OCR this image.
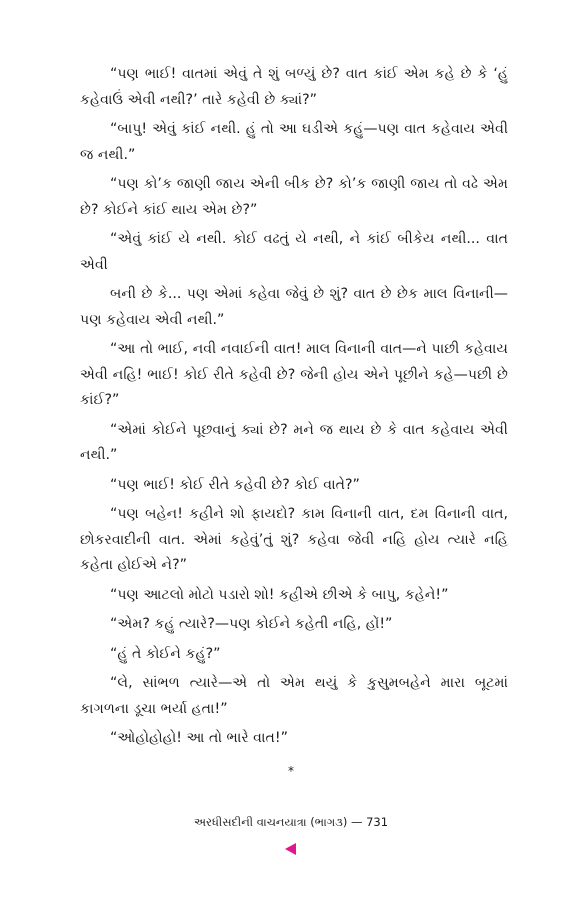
“પણ ભાઈ! વાતમાં એવું તે શું બળ્યું છે? વાત કાંઈ એમ કહે છે કે ‘હું કહેવાઉં એવી નથી?’ તારે કહેવી છે ક્યાં?”

“બાપુ! એવું કાંઈ નથી. હું તો આ ઘડીએ કહું—પણ વાત કહેવાય એવી જ નથી.”

“પણ કો’ક જાણી જાય એની બીક છે? કો’ક જાણી જાય તો વઢે એમ છે? કોઈને કાંઈ થાય એમ છે?”

“એવું કાંઈ યે નથી. કોઈ વઢતું યે નથી, ને કાંઈ બીકેય નથી... વાત એવી

બની છે કે... પણ એમાં કહેવા જેવું છે શું? વાત છે છેક માલ વિનાની—પણ કહેવાય એવી નથી.”

“આ તો ભાઈ, નવી નવાઈની વાત! માલ વિનાની વાત—ને પાછી કહેવાય એવી નહિ! ભાઈ! કોઈ રીતે કહેવી છે? જેની હોય એને પૂછીને કહે—પછી છે કાંઈ?”

“એમાં કોઈને પૂછવાનું ક્યાં છે? મને જ થાય છે કે વાત કહેવાય એવી નથી.”

“પણ ભાઈ! કોઈ રીતે કહેવી છે? કોઈ વાતે?”

“પણ બહેન! કહીને શો ફાયદો? કામ વિનાની વાત, દમ વિનાની વાત, છોકરવાદીની વાત. એમાં કહેવું’તું શું? કહેવા જેવી નહિ હોય ત્યારે નહિ કહેતા હોઈએ ને?”

“પણ આટલો મોટો પડારો શો! કહીએ છીએ કે બાપુ, કહેને!”

“એમ? કહું ત્યારે?—પણ કોઈને કહેતી નહિ, હોં!”

“હું તે કોઈને કહું?”

“લે, સાંભળ ત્યારે—એ તો એમ થયું કે કુસુમબહેને મારા બૂટમાં કાગળના ડૂચા ભર્યા હતા!”

“ઓહોહોહો! આ તો ભારે વાત!”

*
અરધીસદીની વાચનયાત્રા (ભાગ૩) — 731
